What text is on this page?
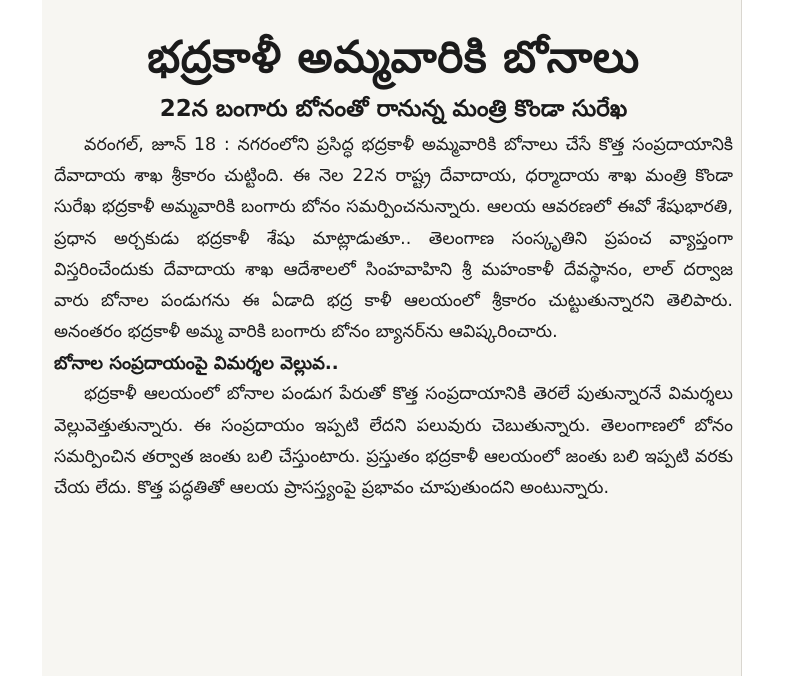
భద్రకాళీ అమ్మవారికి బోనాలు
22న బంగారు బోనంతో రానున్న మంత్రి కొండా సురేఖ

వరంగల్, జూన్ 18 : నగరంలోని ప్రసిద్ధ భద్రకాళీ అమ్మవారికి బోనాలు చేసే కొత్త సంప్రదాయానికి దేవాదాయ శాఖ శ్రీకారం చుట్టింది. ఈ నెల 22న రాష్ట్ర దేవాదాయ, ధర్మాదాయ శాఖ మంత్రి కొండా సురేఖ భద్రకాళీ అమ్మవారికి బంగారు బోనం సమర్పించనున్నారు. ఆలయ ఆవరణలో ఈవో శేషుభారతి, ప్రధాన అర్చకుడు భద్రకాళీ శేషు మాట్లాడుతూ.. తెలంగాణ సంస్కృతిని ప్రపంచ వ్యాప్తంగా విస్తరించేందుకు దేవాదాయ శాఖ ఆదేశాలలో సింహవాహిని శ్రీ మహంకాళీ దేవస్థానం, లాల్ దర్వాజ వారు బోనాల పండుగను ఈ ఏడాది భద్ర కాళీ ఆలయంలో శ్రీకారం చుట్టుతున్నారని తెలిపారు. అనంతరం భద్రకాళీ అమ్మ వారికి బంగారు బోనం బ్యానర్‌ను ఆవిష్కరించారు.

బోనాల సంప్రదాయంపై విమర్శల వెల్లువ..

భద్రకాళీ ఆలయంలో బోనాల పండుగ పేరుతో కొత్త సంప్రదాయానికి తెరలే పుతున్నారనే విమర్శలు వెల్లువెత్తుతున్నారు. ఈ సంప్రదాయం ఇప్పటి లేదని పలువురు చెబుతున్నారు. తెలంగాణలో బోనం సమర్పించిన తర్వాత జంతు బలి చేస్తుంటారు. ప్రస్తుతం భద్రకాళీ ఆలయంలో జంతు బలి ఇప్పటి వరకు చేయ లేదు. కొత్త పద్ధతితో ఆలయ ప్రాసస్త్యంపై ప్రభావం చూపుతుందని అంటున్నారు.
